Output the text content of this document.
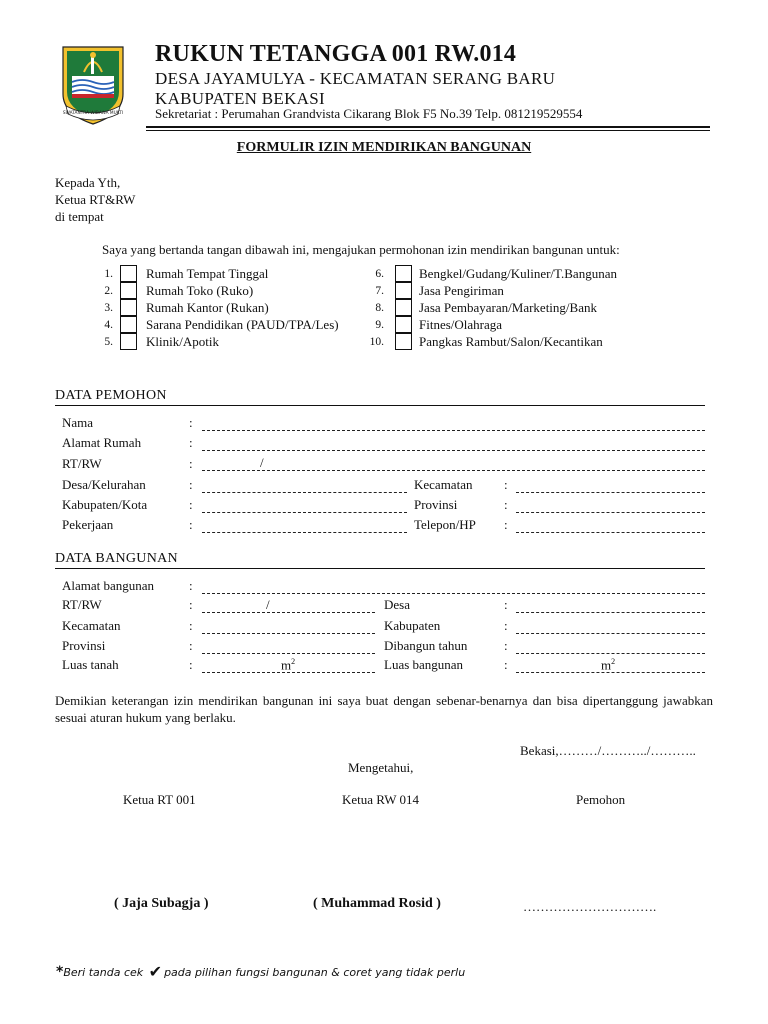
SWATANTRA WIBAWA MUKTI
RUKUN TETANGGA 001 RW.014
DESA JAYAMULYA - KECAMATAN SERANG BARU
KABUPATEN BEKASI
Sekretariat : Perumahan Grandvista Cikarang Blok F5 No.39 Telp. 081219529554
FORMULIR IZIN MENDIRIKAN BANGUNAN
Kepada Yth,
Ketua RT&RW
di tempat
Saya yang bertanda tangan dibawah ini, mengajukan permohonan izin mendirikan bangunan untuk:
1.	Rumah Tempat Tinggal
2.	Rumah Toko (Ruko)
3.	Rumah Kantor (Rukan)
4.	Sarana Pendidikan (PAUD/TPA/Les)
5.	Klinik/Apotik
6.	Bengkel/Gudang/Kuliner/T.Bangunan
7.	Jasa Pengiriman
8.	Jasa Pembayaran/Marketing/Bank
9.	Fitnes/Olahraga
10.	Pangkas Rambut/Salon/Kecantikan
DATA PEMOHON
Nama	:
Alamat Rumah	:
RT/RW	:	/
Desa/Kelurahan	:	Kecamatan :
Kabupaten/Kota	:	Provinsi	:
Pekerjaan	:	Telepon/HP :
DATA BANGUNAN
Alamat bangunan	:
RT/RW	:	/	Desa	:
Kecamatan	:	Kabupaten	:
Provinsi	:	Dibangun tahun	:
Luas tanah	:	$m^2$	Luas bangunan	:	$m^2$
Demikian keterangan izin mendirikan bangunan ini saya buat dengan sebenar-benarnya dan bisa dipertanggung jawabkan sesuai aturan hukum yang berlaku.
Bekasi,………/………../………..
Mengetahui,
Ketua RT 001	Ketua RW 014	Pemohon
( Jaja Subagja )	( Muhammad Rosid )	………………………….
*Beri tanda cek ✔ pada pilihan fungsi bangunan & coret yang tidak perlu
